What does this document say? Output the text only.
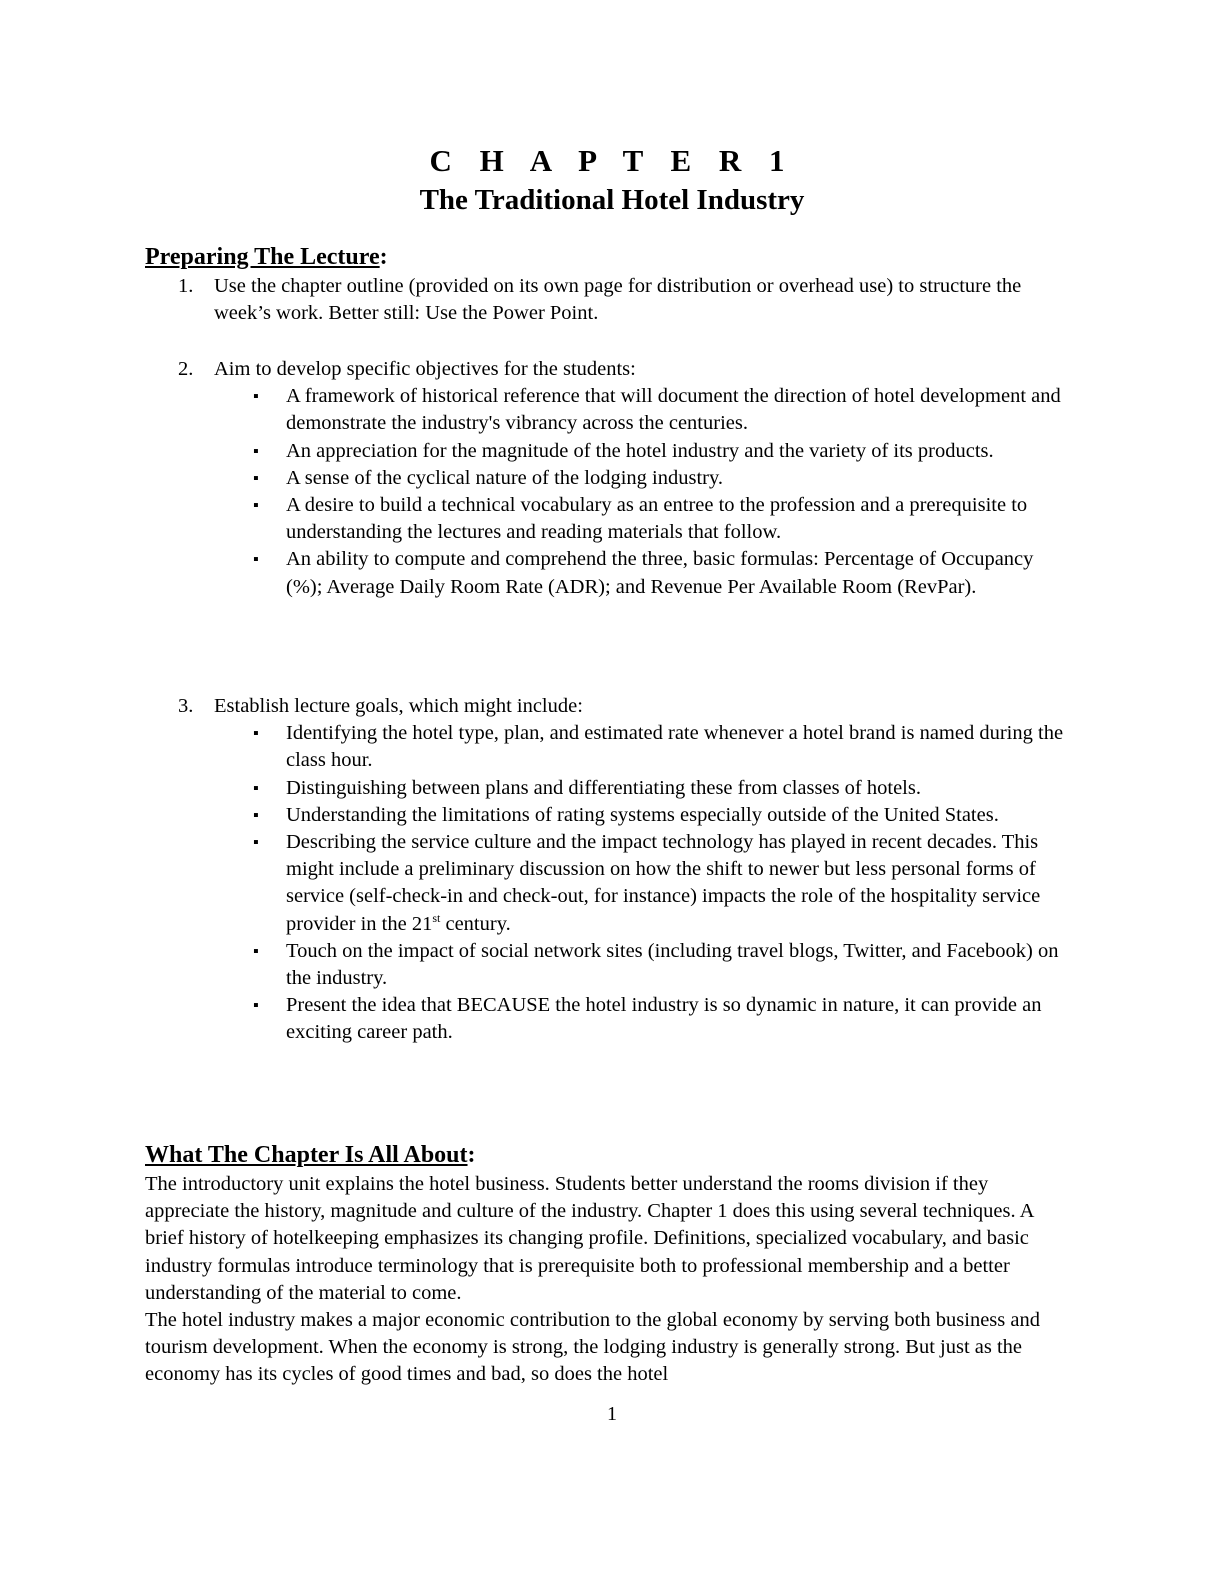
C H A P T E R 1
The Traditional Hotel Industry
Preparing The Lecture:
1. Use the chapter outline (provided on its own page for distribution or overhead use) to structure the week’s work. Better still: Use the Power Point.
2. Aim to develop specific objectives for the students:
▪ A framework of historical reference that will document the direction of hotel development and demonstrate the industry's vibrancy across the centuries.
▪ An appreciation for the magnitude of the hotel industry and the variety of its products.
▪ A sense of the cyclical nature of the lodging industry.
▪ A desire to build a technical vocabulary as an entree to the profession and a prerequisite to understanding the lectures and reading materials that follow.
▪ An ability to compute and comprehend the three, basic formulas: Percentage of Occupancy (%); Average Daily Room Rate (ADR); and Revenue Per Available Room (RevPar).
3. Establish lecture goals, which might include:
▪ Identifying the hotel type, plan, and estimated rate whenever a hotel brand is named during the class hour.
▪ Distinguishing between plans and differentiating these from classes of hotels.
▪ Understanding the limitations of rating systems especially outside of the United States.
▪ Describing the service culture and the impact technology has played in recent decades. This might include a preliminary discussion on how the shift to newer but less personal forms of service (self-check-in and check-out, for instance) impacts the role of the hospitality service provider in the 21st century.
▪ Touch on the impact of social network sites (including travel blogs, Twitter, and Facebook) on the industry.
▪ Present the idea that BECAUSE the hotel industry is so dynamic in nature, it can provide an exciting career path.
What The Chapter Is All About:
The introductory unit explains the hotel business. Students better understand the rooms division if they appreciate the history, magnitude and culture of the industry. Chapter 1 does this using several techniques. A brief history of hotelkeeping emphasizes its changing profile. Definitions, specialized vocabulary, and basic industry formulas introduce terminology that is prerequisite both to professional membership and a better understanding of the material to come.
The hotel industry makes a major economic contribution to the global economy by serving both business and tourism development. When the economy is strong, the lodging industry is generally strong. But just as the economy has its cycles of good times and bad, so does the hotel
1
